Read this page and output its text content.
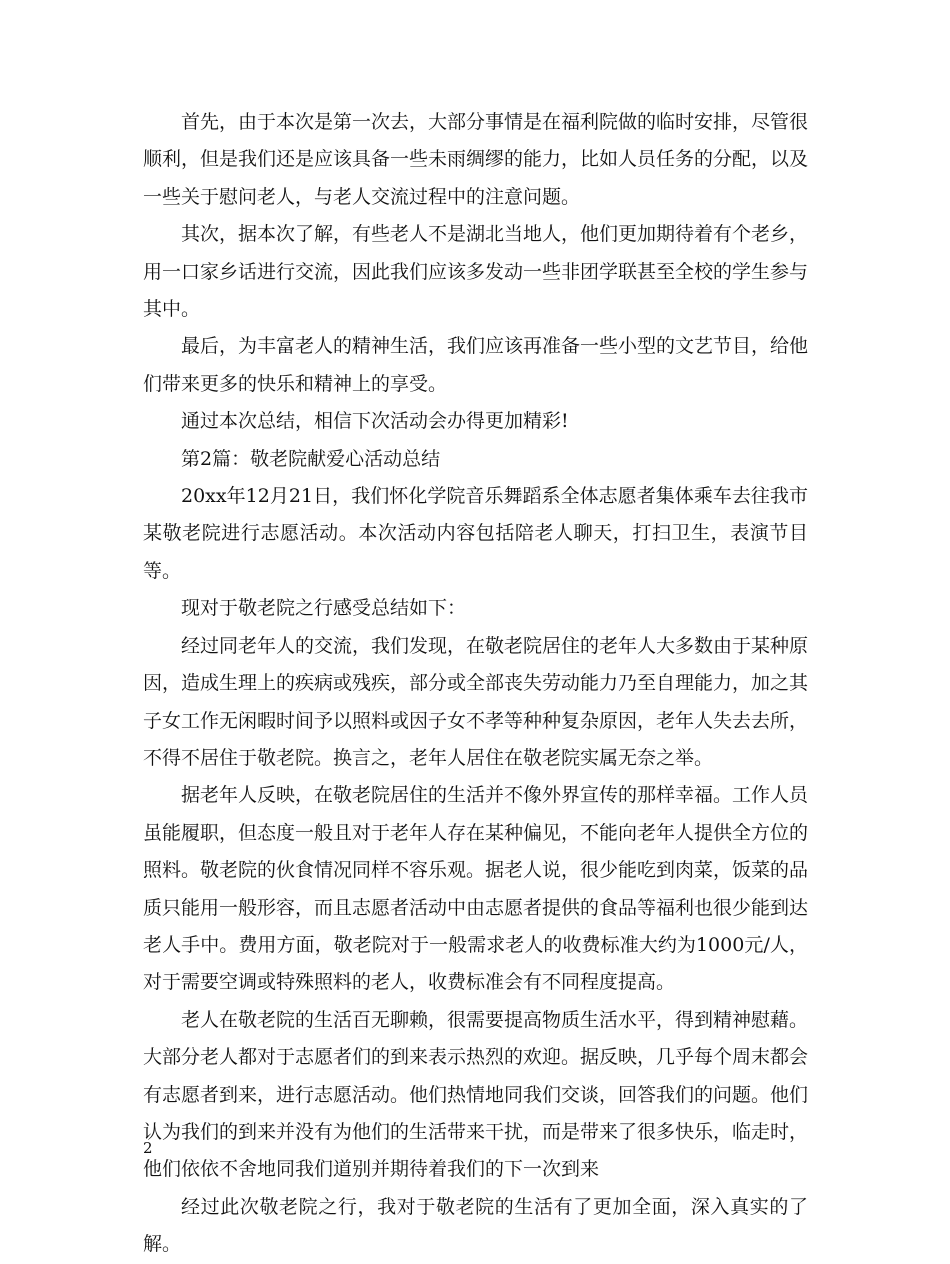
首先，由于本次是第一次去，大部分事情是在福利院做的临时安排，尽管很顺利，但是我们还是应该具备一些未雨绸缪的能力，比如人员任务的分配，以及一些关于慰问老人，与老人交流过程中的注意问题。

其次，据本次了解，有些老人不是湖北当地人，他们更加期待着有个老乡，用一口家乡话进行交流，因此我们应该多发动一些非团学联甚至全校的学生参与其中。

最后，为丰富老人的精神生活，我们应该再准备一些小型的文艺节目，给他们带来更多的快乐和精神上的享受。

通过本次总结，相信下次活动会办得更加精彩!

第2篇：敬老院献爱心活动总结

20xx年12月21日，我们怀化学院音乐舞蹈系全体志愿者集体乘车去往我市某敬老院进行志愿活动。本次活动内容包括陪老人聊天，打扫卫生，表演节目等。

现对于敬老院之行感受总结如下：

经过同老年人的交流，我们发现，在敬老院居住的老年人大多数由于某种原因，造成生理上的疾病或残疾，部分或全部丧失劳动能力乃至自理能力，加之其子女工作无闲暇时间予以照料或因子女不孝等种种复杂原因，老年人失去去所，不得不居住于敬老院。换言之，老年人居住在敬老院实属无奈之举。

据老年人反映，在敬老院居住的生活并不像外界宣传的那样幸福。工作人员虽能履职，但态度一般且对于老年人存在某种偏见，不能向老年人提供全方位的照料。敬老院的伙食情况同样不容乐观。据老人说，很少能吃到肉菜，饭菜的品质只能用一般形容，而且志愿者活动中由志愿者提供的食品等福利也很少能到达老人手中。费用方面，敬老院对于一般需求老人的收费标准大约为1000元/人，对于需要空调或特殊照料的老人，收费标准会有不同程度提高。

老人在敬老院的生活百无聊赖，很需要提高物质生活水平，得到精神慰藉。大部分老人都对于志愿者们的到来表示热烈的欢迎。据反映，几乎每个周末都会有志愿者到来，进行志愿活动。他们热情地同我们交谈，回答我们的问题。他们认为我们的到来并没有为他们的生活带来干扰，而是带来了很多快乐，临走时，他们依依不舍地同我们道别并期待着我们的下一次到来

经过此次敬老院之行，我对于敬老院的生活有了更加全面，深入真实的了解。

2
